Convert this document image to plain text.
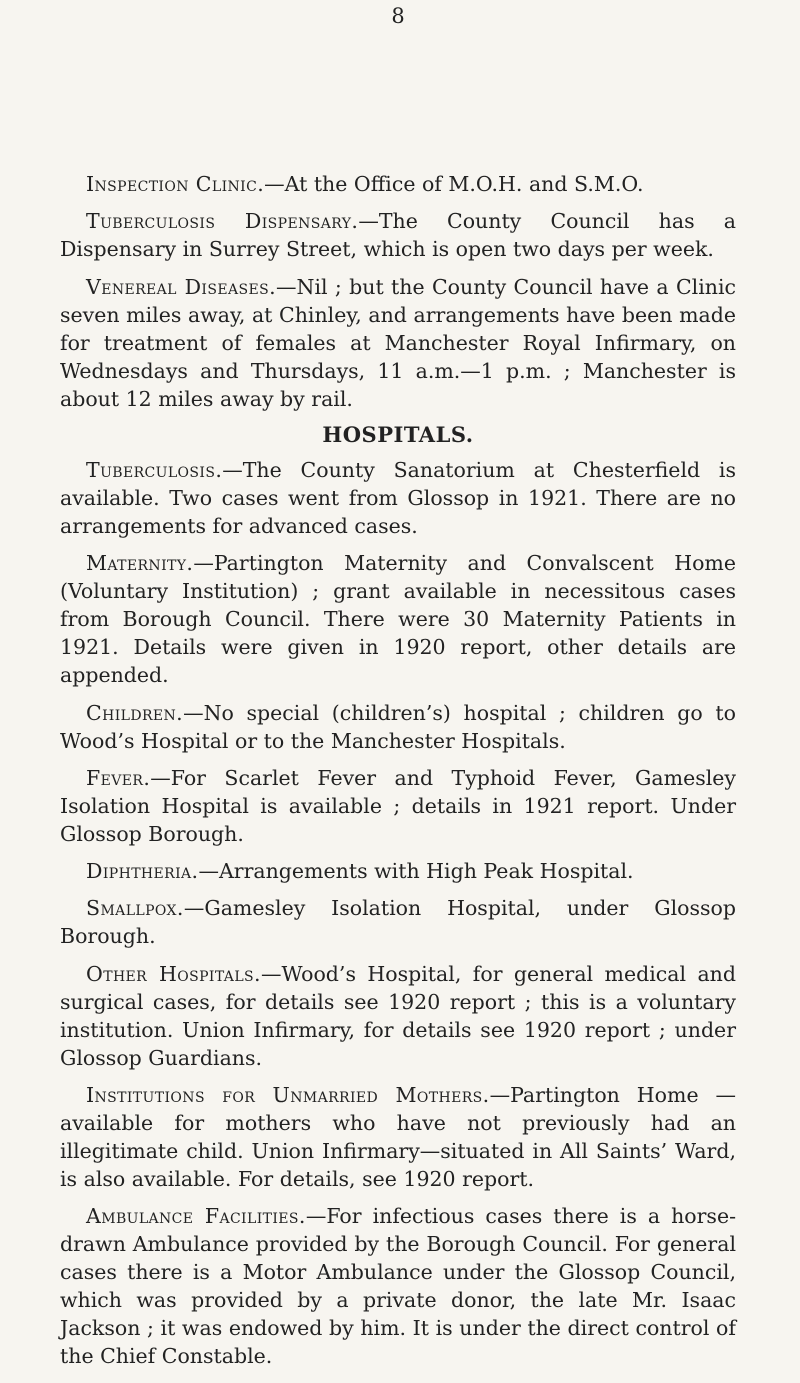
8

Inspection Clinic.—At the Office of M.O.H. and S.M.O.

Tuberculosis Dispensary.—The County Council has a Dispensary in Surrey Street, which is open two days per week.

Venereal Diseases.—Nil ; but the County Council have a Clinic seven miles away, at Chinley, and arrangements have been made for treatment of females at Manchester Royal Infirmary, on Wednesdays and Thursdays, 11 a.m.—1 p.m. ; Manchester is about 12 miles away by rail.

HOSPITALS.

Tuberculosis.—The County Sanatorium at Chesterfield is available. Two cases went from Glossop in 1921. There are no arrangements for advanced cases.

Maternity.—Partington Maternity and Convalscent Home (Voluntary Institution) ; grant available in necessitous cases from Borough Council. There were 30 Maternity Patients in 1921. Details were given in 1920 report, other details are appended.

Children.—No special (children’s) hospital ; children go to Wood’s Hospital or to the Manchester Hospitals.

Fever.—For Scarlet Fever and Typhoid Fever, Gamesley Isolation Hospital is available ; details in 1921 report. Under Glossop Borough.

Diphtheria.—Arrangements with High Peak Hospital.

Smallpox.—Gamesley Isolation Hospital, under Glossop Borough.

Other Hospitals.—Wood’s Hospital, for general medical and surgical cases, for details see 1920 report ; this is a voluntary institution. Union Infirmary, for details see 1920 report ; under Glossop Guardians.

Institutions for Unmarried Mothers.—Partington Home —available for mothers who have not previously had an illegitimate child. Union Infirmary—situated in All Saints’ Ward, is also available. For details, see 1920 report.

Ambulance Facilities.—For infectious cases there is a horse-drawn Ambulance provided by the Borough Council. For general cases there is a Motor Ambulance under the Glossop Council, which was provided by a private donor, the late Mr. Isaac Jackson ; it was endowed by him. It is under the direct control of the Chief Constable.
